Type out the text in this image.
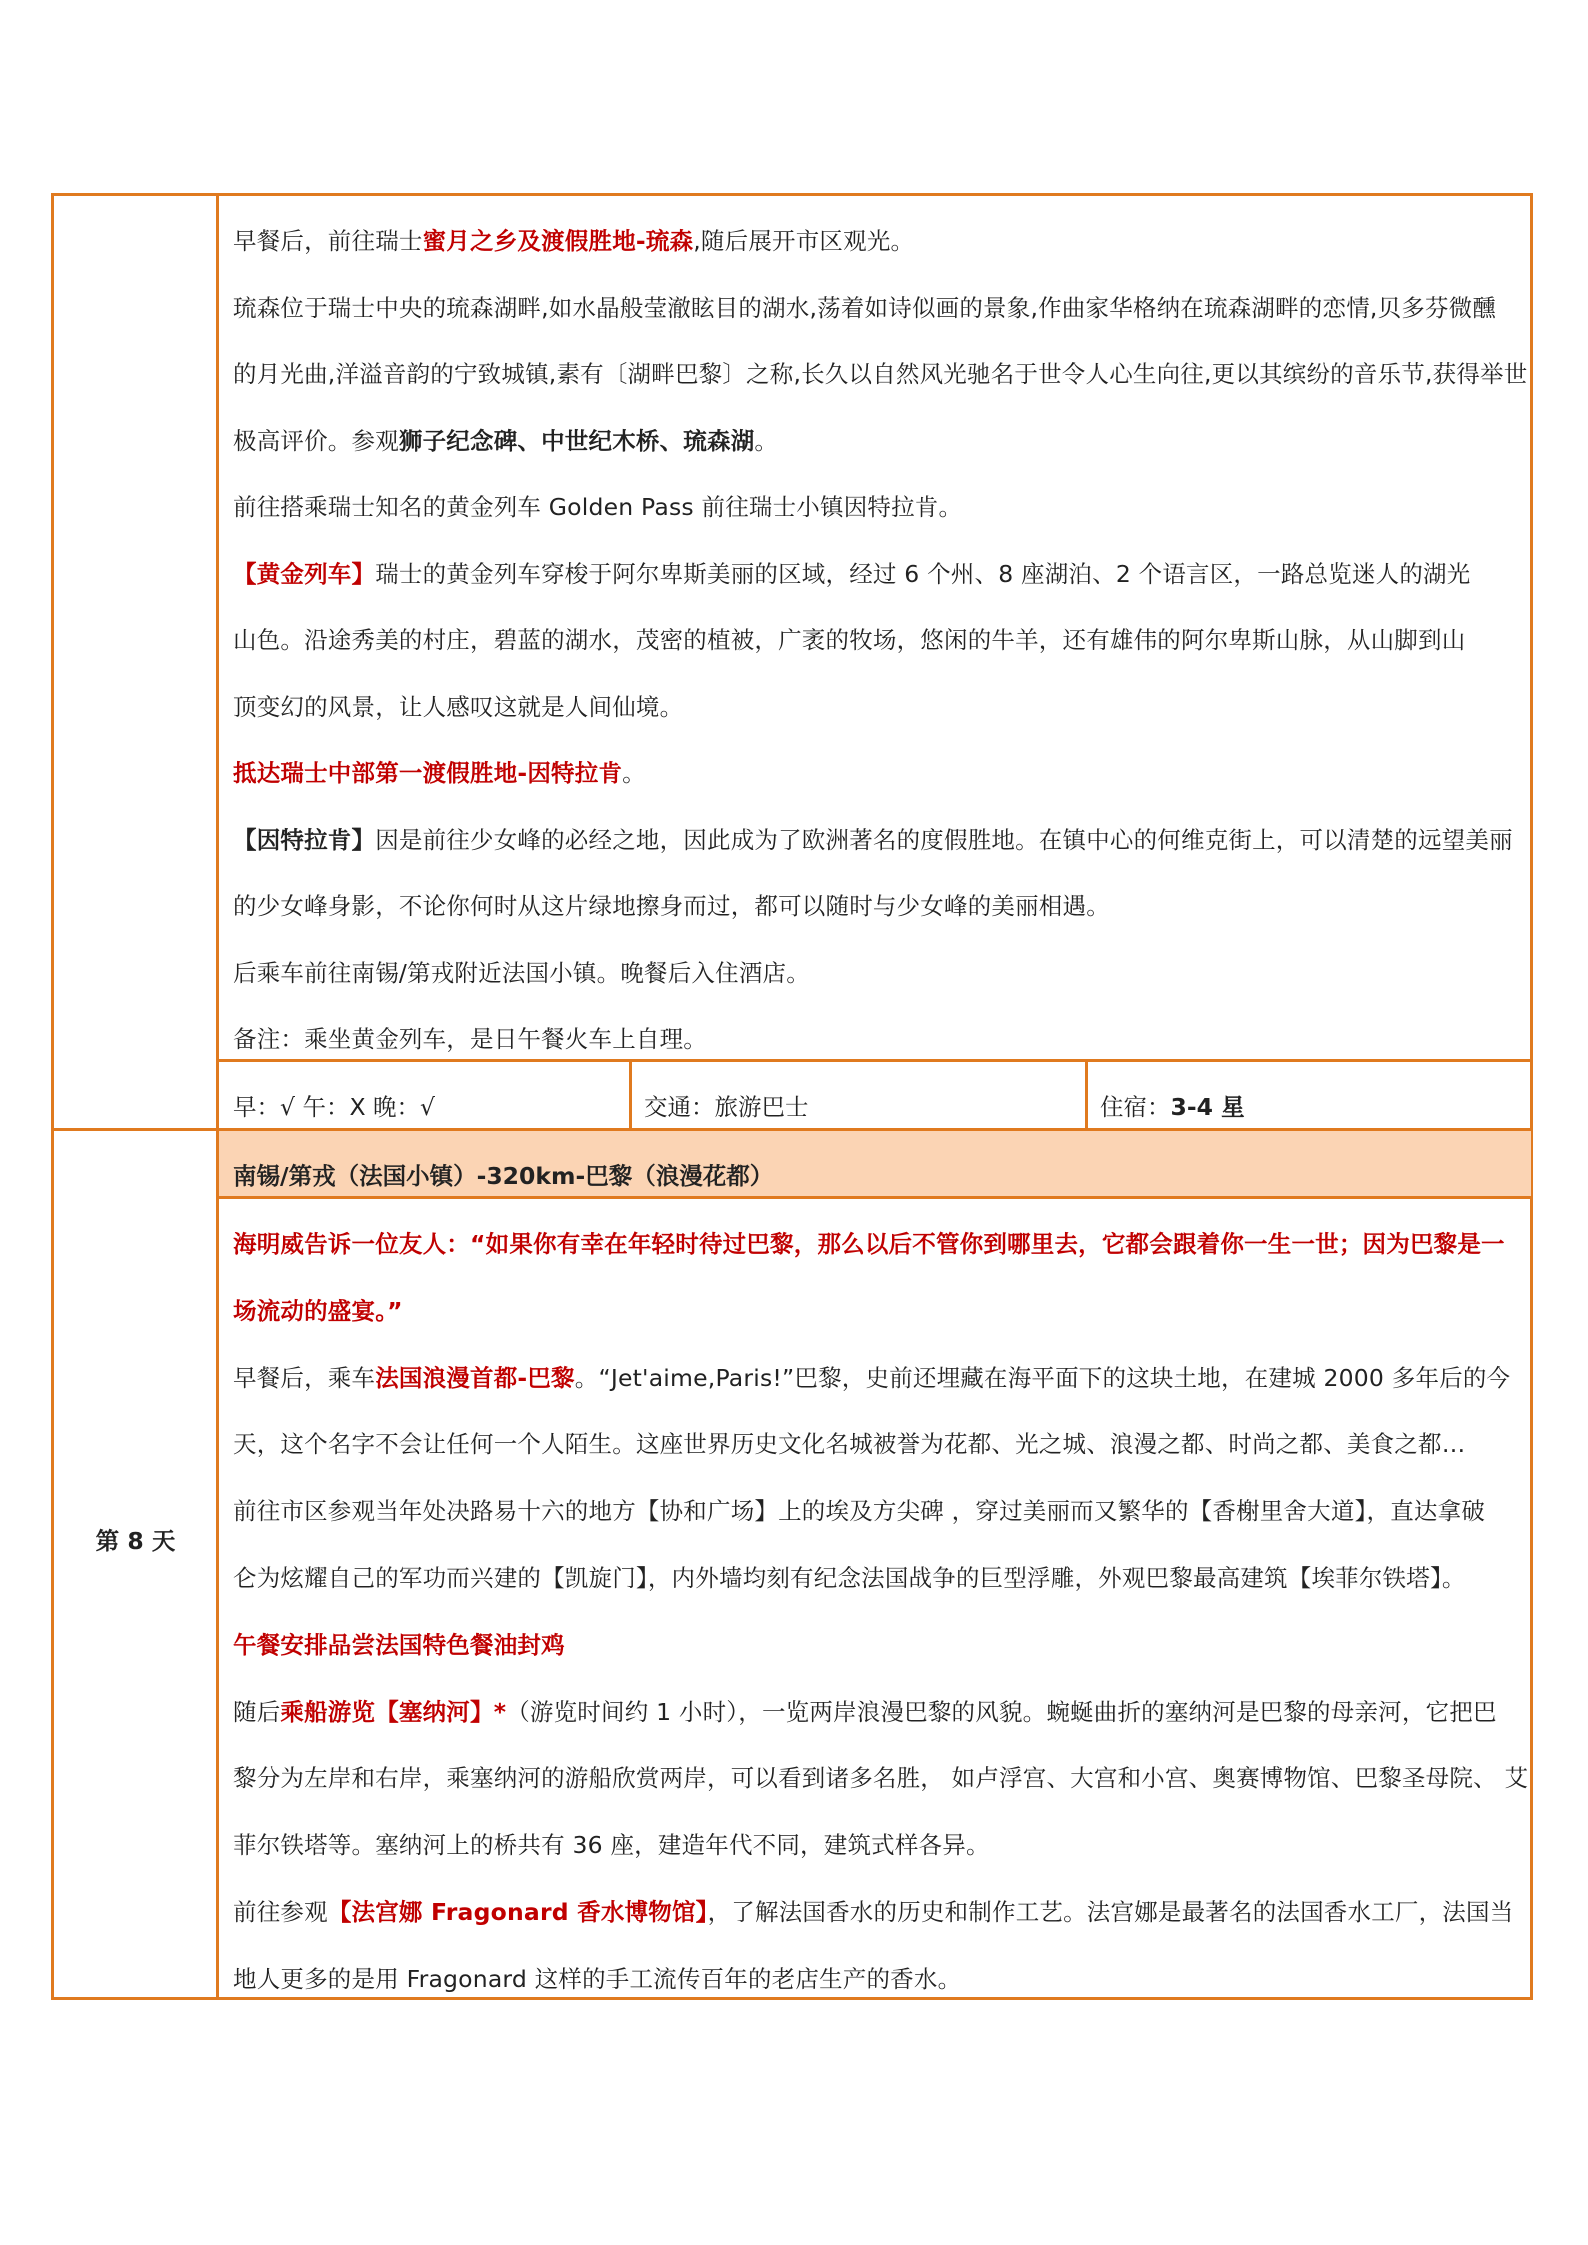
早餐后，前往瑞士蜜月之乡及渡假胜地-琉森,随后展开市区观光。
琉森位于瑞士中央的琉森湖畔,如水晶般莹澈眩目的湖水,荡着如诗似画的景象,作曲家华格纳在琉森湖畔的恋情,贝多芬微醺
的月光曲,洋溢音韵的宁致城镇,素有〔湖畔巴黎〕之称,长久以自然风光驰名于世令人心生向往,更以其缤纷的音乐节,获得举世
极高评价。参观狮子纪念碑、中世纪木桥、琉森湖。
前往搭乘瑞士知名的黄金列车 Golden Pass 前往瑞士小镇因特拉肯。
【黄金列车】瑞士的黄金列车穿梭于阿尔卑斯美丽的区域，经过 6 个州、8 座湖泊、2 个语言区，一路总览迷人的湖光
山色。沿途秀美的村庄，碧蓝的湖水，茂密的植被，广袤的牧场，悠闲的牛羊，还有雄伟的阿尔卑斯山脉，从山脚到山
顶变幻的风景，让人感叹这就是人间仙境。
抵达瑞士中部第一渡假胜地-因特拉肯。
【因特拉肯】因是前往少女峰的必经之地，因此成为了欧洲著名的度假胜地。在镇中心的何维克街上，可以清楚的远望美丽
的少女峰身影，不论你何时从这片绿地擦身而过，都可以随时与少女峰的美丽相遇。
后乘车前往南锡/第戎附近法国小镇。晚餐后入住酒店。
备注：乘坐黄金列车，是日午餐火车上自理。
早：√ 午：X 晚：√	交通：旅游巴士	住宿：3-4 星
南锡/第戎（法国小镇）-320km-巴黎（浪漫花都）
第 8 天
海明威告诉一位友人：“如果你有幸在年轻时待过巴黎，那么以后不管你到哪里去，它都会跟着你一生一世；因为巴黎是一
场流动的盛宴。”
早餐后，乘车法国浪漫首都-巴黎。“Jet'aime,Paris!”巴黎，史前还埋藏在海平面下的这块土地，在建城 2000 多年后的今
天，这个名字不会让任何一个人陌生。这座世界历史文化名城被誉为花都、光之城、浪漫之都、时尚之都、美食之都…
前往市区参观当年处决路易十六的地方【协和广场】上的埃及方尖碑 ，穿过美丽而又繁华的【香榭里舍大道】，直达拿破
仑为炫耀自己的军功而兴建的【凯旋门】，内外墙均刻有纪念法国战争的巨型浮雕，外观巴黎最高建筑【埃菲尔铁塔】。
午餐安排品尝法国特色餐油封鸡
随后乘船游览【塞纳河】*（游览时间约 1 小时），一览两岸浪漫巴黎的风貌。蜿蜒曲折的塞纳河是巴黎的母亲河，它把巴
黎分为左岸和右岸，乘塞纳河的游船欣赏两岸，可以看到诸多名胜， 如卢浮宫、大宫和小宫、奥赛博物馆、巴黎圣母院、 艾
菲尔铁塔等。塞纳河上的桥共有 36 座，建造年代不同，建筑式样各异。
前往参观【法宫娜 Fragonard 香水博物馆】，了解法国香水的历史和制作工艺。法宫娜是最著名的法国香水工厂，法国当
地人更多的是用 Fragonard 这样的手工流传百年的老店生产的香水。
